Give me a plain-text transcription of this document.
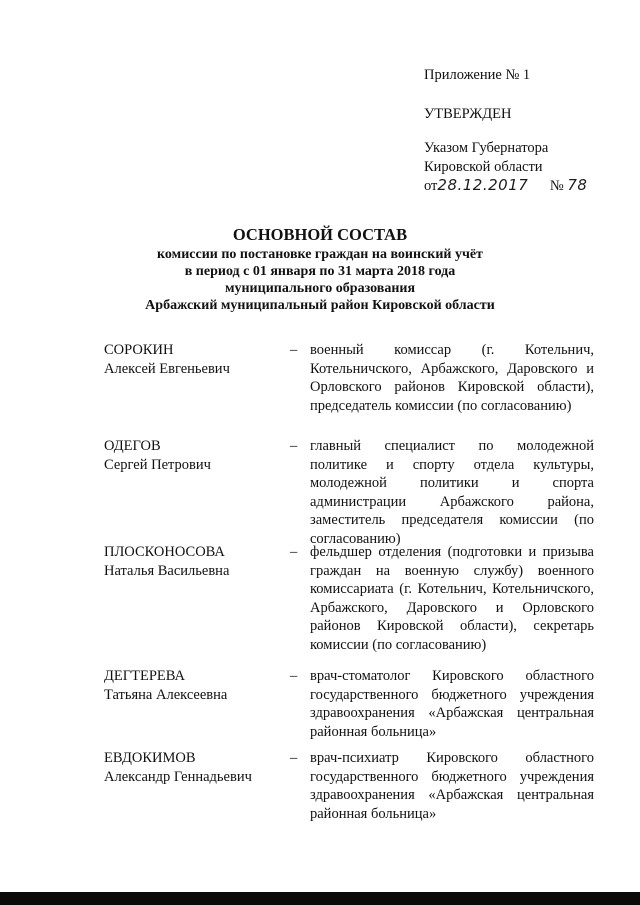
Приложение № 1
УТВЕРЖДЕН
Указом Губернатора
Кировской области
от28.12.2017 № 78
ОСНОВНОЙ СОСТАВ
комиссии по постановке граждан на воинский учёт
в период с 01 января по 31 марта 2018 года
муниципального образования
Арбажский муниципальный район Кировской области
СОРОКИН
Алексей Евгеньевич
– военный комиссар (г. Котельнич, Котельничского, Арбажского, Даровского и Орловского районов Кировской области), председатель комиссии (по согласованию)
ОДЕГОВ
Сергей Петрович
– главный специалист по молодежной политике и спорту отдела культуры, молодежной политики и спорта администрации Арбажского района, заместитель председателя комиссии (по согласованию)
ПЛОСКОНОСОВА
Наталья Васильевна
– фельдшер отделения (подготовки и призыва граждан на военную службу) военного комиссариата (г. Котельнич, Котельничского, Арбажского, Даровского и Орловского районов Кировской области), секретарь комиссии (по согласованию)
ДЕГТЕРЕВА
Татьяна Алексеевна
– врач-стоматолог Кировского областного государственного бюджетного учреждения здравоохранения «Арбажская центральная районная больница»
ЕВДОКИМОВ
Александр Геннадьевич
– врач-психиатр Кировского областного государственного бюджетного учреждения здравоохранения «Арбажская центральная районная больница»
